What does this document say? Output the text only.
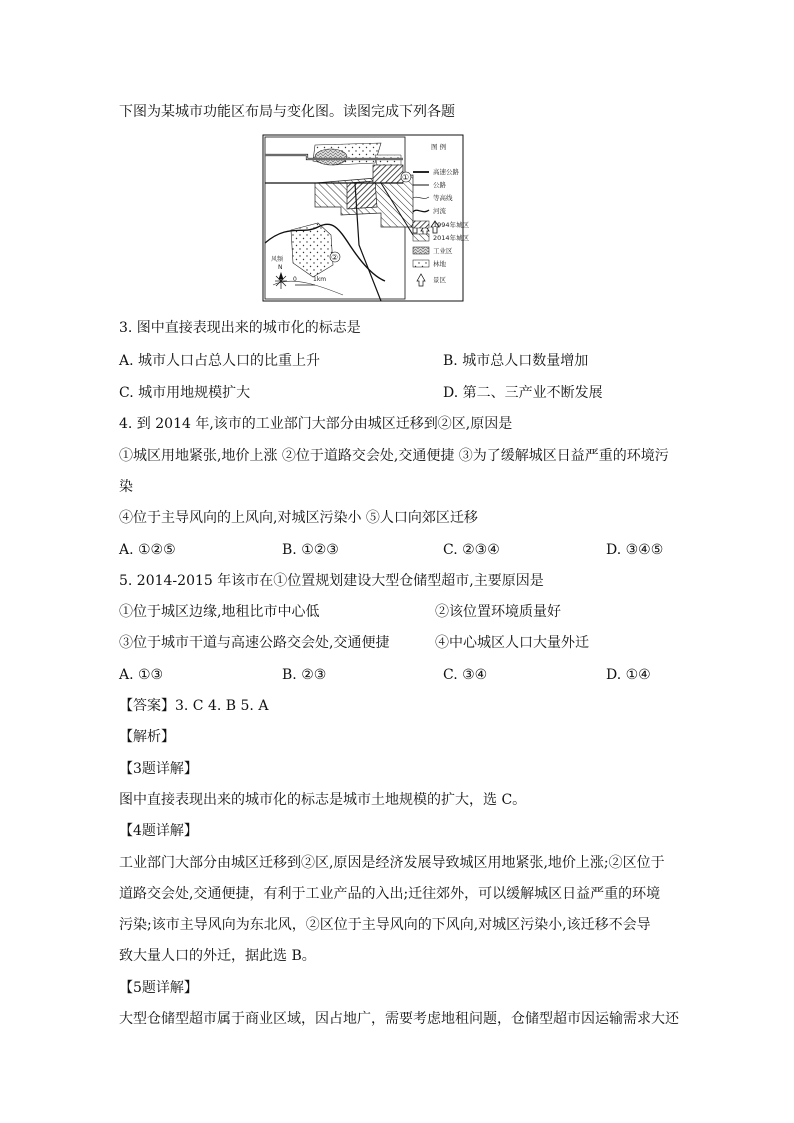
下图为某城市功能区布局与变化图。读图完成下列各题
①
②
风频
N
0	1km
图 例
高速公路
公路
等高线
河流
1994年城区
2014年城区
工业区
林地
景区
3. 图中直接表现出来的城市化的标志是
A. 城市人口占总人口的比重上升	B. 城市总人口数量增加
C. 城市用地规模扩大	D. 第二、三产业不断发展
4. 到 2014 年,该市的工业部门大部分由城区迁移到②区,原因是
①城区用地紧张,地价上涨 ②位于道路交会处,交通便捷 ③为了缓解城区日益严重的环境污
染
④位于主导风向的上风向,对城区污染小 ⑤人口向郊区迁移
A. ①②⑤	B. ①②③	C. ②③④	D. ③④⑤
5. 2014-2015 年该市在①位置规划建设大型仓储型超市,主要原因是
①位于城区边缘,地租比市中心低	②该位置环境质量好
③位于城市干道与高速公路交会处,交通便捷	④中心城区人口大量外迁
A. ①③	B. ②③	C. ③④	D. ①④
【答案】3. C 4. B 5. A
【解析】
【3题详解】
图中直接表现出来的城市化的标志是城市土地规模的扩大，选 C。
【4题详解】
工业部门大部分由城区迁移到②区,原因是经济发展导致城区用地紧张,地价上涨;②区位于
道路交会处,交通便捷，有利于工业产品的入出;迁往郊外，可以缓解城区日益严重的环境
污染;该市主导风向为东北风，②区位于主导风向的下风向,对城区污染小,该迁移不会导
致大量人口的外迁，据此选 B。
【5题详解】
大型仓储型超市属于商业区域，因占地广，需要考虑地租问题，仓储型超市因运输需求大还
